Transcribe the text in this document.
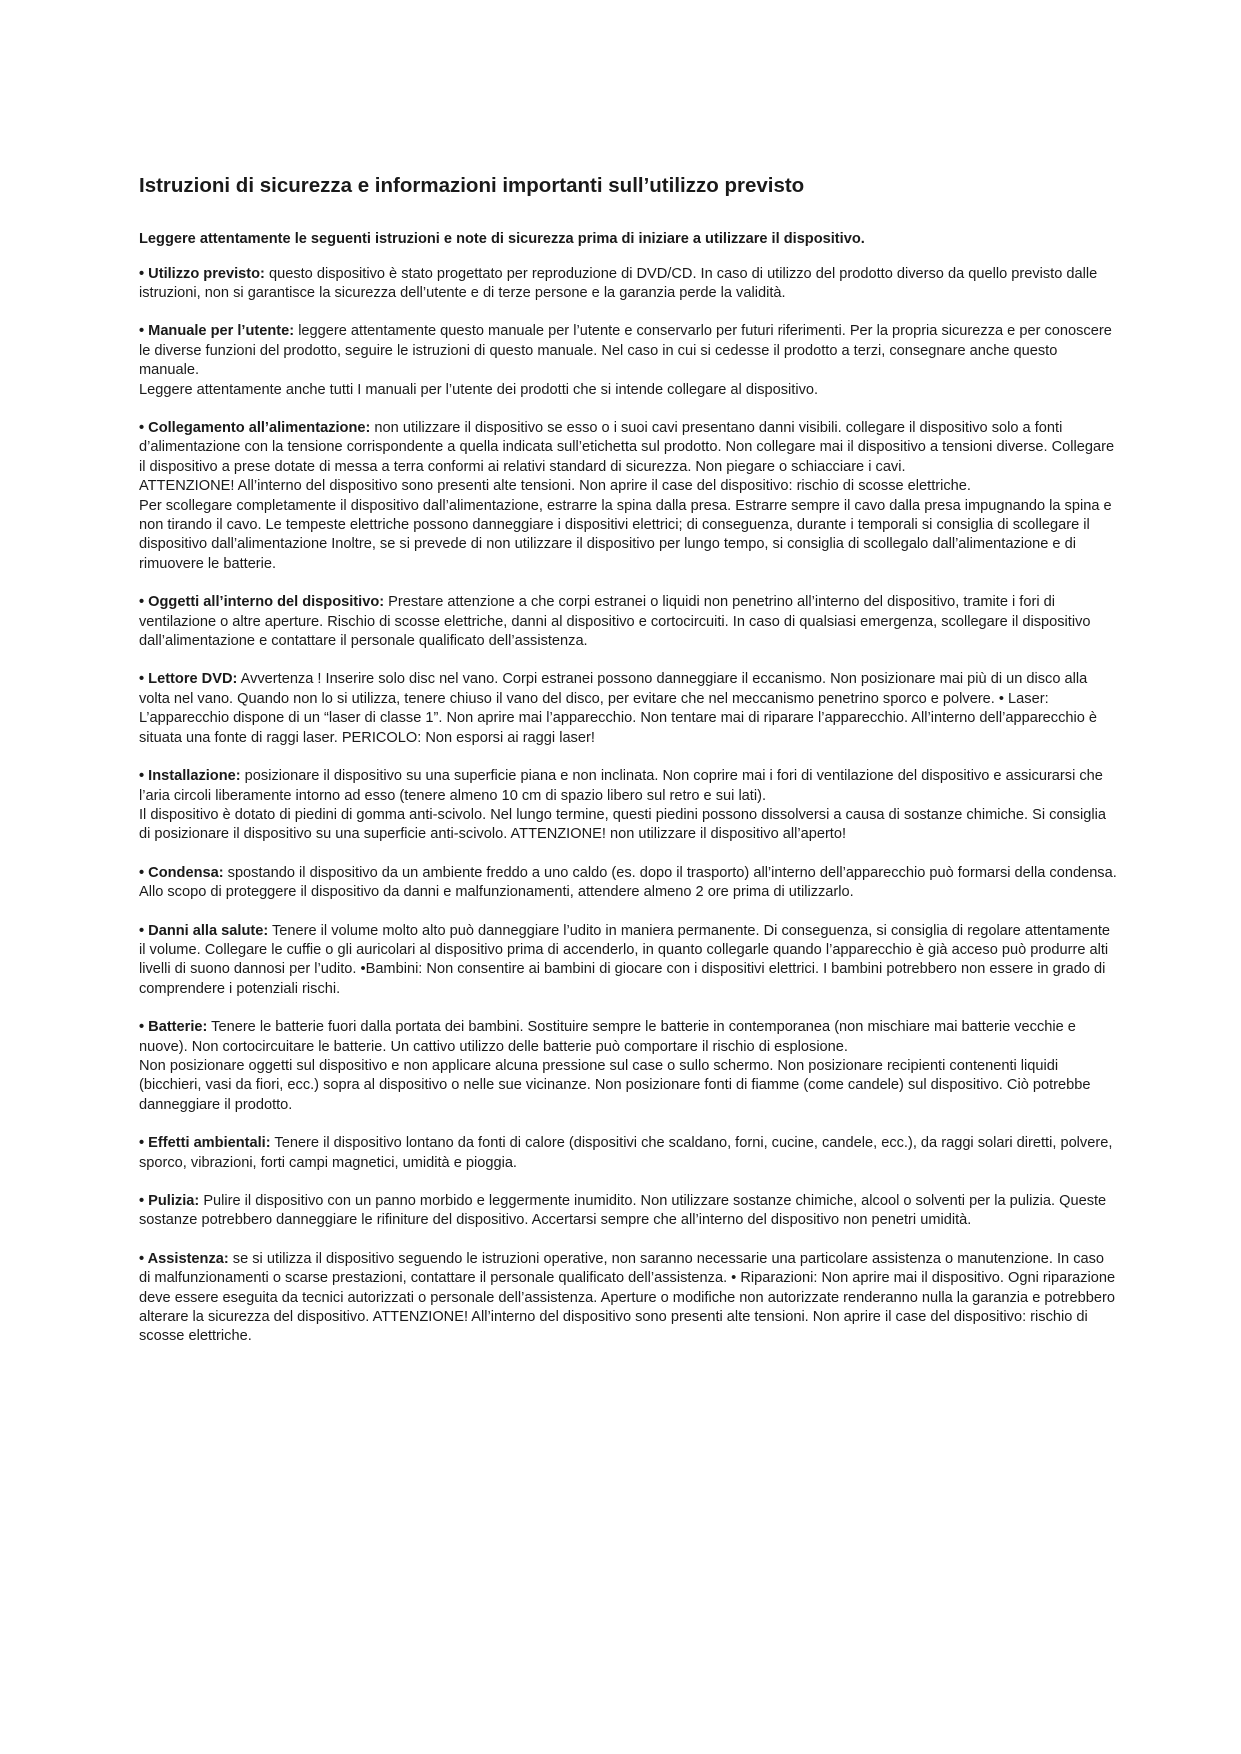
Istruzioni di sicurezza e informazioni importanti sull’utilizzo previsto

Leggere attentamente le seguenti istruzioni e note di sicurezza prima di iniziare a utilizzare il dispositivo.

• Utilizzo previsto: questo dispositivo è stato progettato per reproduzione di DVD/CD. In caso di utilizzo del prodotto diverso da quello previsto dalle istruzioni, non si garantisce la sicurezza dell’utente e di terze persone e la garanzia perde la validità.

• Manuale per l’utente: leggere attentamente questo manuale per l’utente e conservarlo per futuri riferimenti. Per la propria sicurezza e per conoscere le diverse funzioni del prodotto, seguire le istruzioni di questo manuale. Nel caso in cui si cedesse il prodotto a terzi, consegnare anche questo manuale.

Leggere attentamente anche tutti I manuali per l’utente dei prodotti che si intende collegare al dispositivo.

• Collegamento all’alimentazione: non utilizzare il dispositivo se esso o i suoi cavi presentano danni visibili. collegare il dispositivo solo a fonti d’alimentazione con la tensione corrispondente a quella indicata sull’etichetta sul prodotto. Non collegare mai il dispositivo a tensioni diverse. Collegare il dispositivo a prese dotate di messa a terra conformi ai relativi standard di sicurezza. Non piegare o schiacciare i cavi.

ATTENZIONE! All’interno del dispositivo sono presenti alte tensioni. Non aprire il case del dispositivo: rischio di scosse elettriche.

Per scollegare completamente il dispositivo dall’alimentazione, estrarre la spina dalla presa. Estrarre sempre il cavo dalla presa impugnando la spina e non tirando il cavo. Le tempeste elettriche possono danneggiare i dispositivi elettrici; di conseguenza, durante i temporali si consiglia di scollegare il dispositivo dall’alimentazione Inoltre, se si prevede di non utilizzare il dispositivo per lungo tempo, si consiglia di scollegalo dall’alimentazione e di rimuovere le batterie.

• Oggetti all’interno del dispositivo: Prestare attenzione a che corpi estranei o liquidi non penetrino all’interno del dispositivo, tramite i fori di ventilazione o altre aperture. Rischio di scosse elettriche, danni al dispositivo e cortocircuiti. In caso di qualsiasi emergenza, scollegare il dispositivo dall’alimentazione e contattare il personale qualificato dell’assistenza.

• Lettore DVD: Avvertenza ! Inserire solo disc nel vano. Corpi estranei possono danneggiare il eccanismo. Non posizionare mai più di un disco alla volta nel vano. Quando non lo si utilizza, tenere chiuso il vano del disco, per evitare che nel meccanismo penetrino sporco e polvere. • Laser: L’apparecchio dispone di un “laser di classe 1”. Non aprire mai l’apparecchio. Non tentare mai di riparare l’apparecchio. All’interno dell’apparecchio è situata una fonte di raggi laser. PERICOLO: Non esporsi ai raggi laser!

• Installazione: posizionare il dispositivo su una superficie piana e non inclinata. Non coprire mai i fori di ventilazione del dispositivo e assicurarsi che l’aria circoli liberamente intorno ad esso (tenere almeno 10 cm di spazio libero sul retro e sui lati).

Il dispositivo è dotato di piedini di gomma anti-scivolo. Nel lungo termine, questi piedini possono dissolversi a causa di sostanze chimiche. Si consiglia di posizionare il dispositivo su una superficie anti-scivolo. ATTENZIONE! non utilizzare il dispositivo all’aperto!

• Condensa: spostando il dispositivo da un ambiente freddo a uno caldo (es. dopo il trasporto) all’interno dell’apparecchio può formarsi della condensa. Allo scopo di proteggere il dispositivo da danni e malfunzionamenti, attendere almeno 2 ore prima di utilizzarlo.

• Danni alla salute: Tenere il volume molto alto può danneggiare l’udito in maniera permanente. Di conseguenza, si consiglia di regolare attentamente il volume. Collegare le cuffie o gli auricolari al dispositivo prima di accenderlo, in quanto collegarle quando l’apparecchio è già acceso può produrre alti livelli di suono dannosi per l’udito. •Bambini: Non consentire ai bambini di giocare con i dispositivi elettrici. I bambini potrebbero non essere in grado di comprendere i potenziali rischi.

• Batterie: Tenere le batterie fuori dalla portata dei bambini. Sostituire sempre le batterie in contemporanea (non mischiare mai batterie vecchie e nuove). Non cortocircuitare le batterie. Un cattivo utilizzo delle batterie può comportare il rischio di esplosione.

Non posizionare oggetti sul dispositivo e non applicare alcuna pressione sul case o sullo schermo. Non posizionare recipienti contenenti liquidi (bicchieri, vasi da fiori, ecc.) sopra al dispositivo o nelle sue vicinanze. Non posizionare fonti di fiamme (come candele) sul dispositivo. Ciò potrebbe danneggiare il prodotto.

• Effetti ambientali: Tenere il dispositivo lontano da fonti di calore (dispositivi che scaldano, forni, cucine, candele, ecc.), da raggi solari diretti, polvere, sporco, vibrazioni, forti campi magnetici, umidità e pioggia.

• Pulizia: Pulire il dispositivo con un panno morbido e leggermente inumidito. Non utilizzare sostanze chimiche, alcool o solventi per la pulizia. Queste sostanze potrebbero danneggiare le rifiniture del dispositivo. Accertarsi sempre che all’interno del dispositivo non penetri umidità.

• Assistenza: se si utilizza il dispositivo seguendo le istruzioni operative, non saranno necessarie una particolare assistenza o manutenzione. In caso di malfunzionamenti o scarse prestazioni, contattare il personale qualificato dell’assistenza. • Riparazioni: Non aprire mai il dispositivo. Ogni riparazione deve essere eseguita da tecnici autorizzati o personale dell’assistenza. Aperture o modifiche non autorizzate renderanno nulla la garanzia e potrebbero alterare la sicurezza del dispositivo. ATTENZIONE! All’interno del dispositivo sono presenti alte tensioni. Non aprire il case del dispositivo: rischio di scosse elettriche.
